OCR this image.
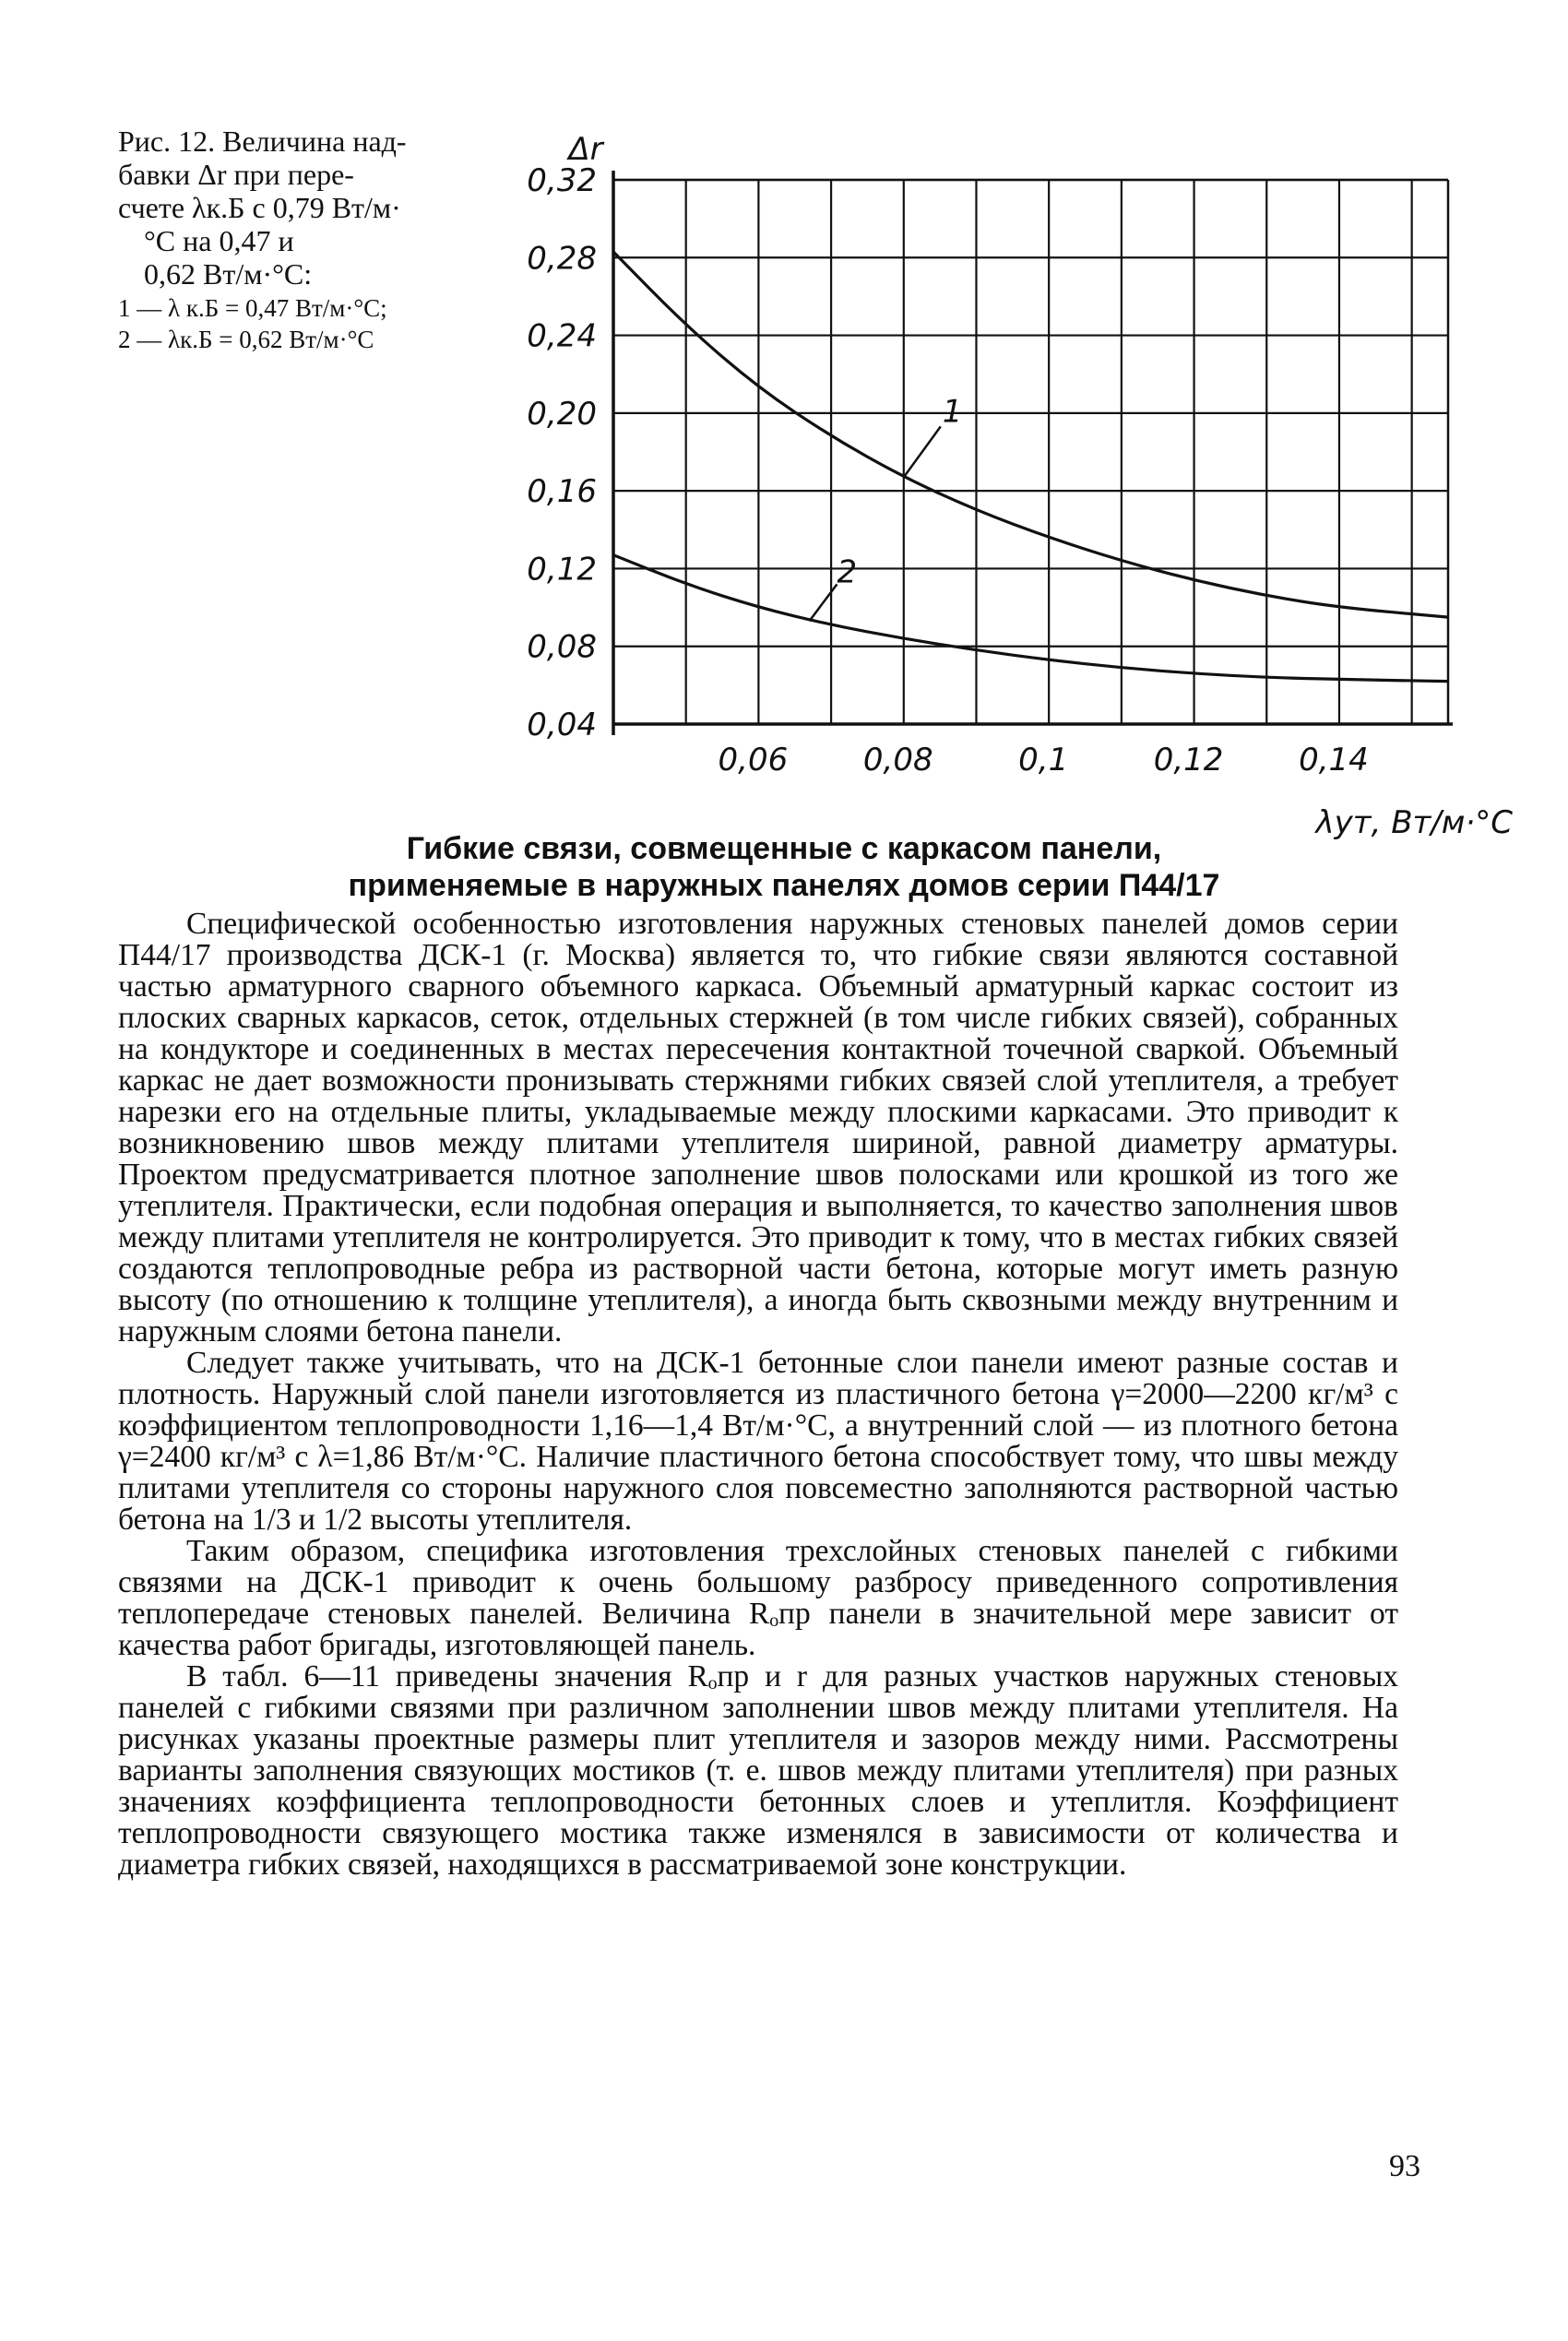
Рис. 12. Величина над-

бавки Δr при пере-

счете λк.Б с 0,79 Вт/м·

°С на 0,47 и

0,62 Вт/м·°С:

1 — λ к.Б = 0,47 Вт/м·°С;

2 — λк.Б = 0,62 Вт/м·°С

0,32
0,28
0,24
0,20
0,16
0,12
0,08
0,04
0,06 0,08	0,1	0,12 0,14
Δr
λут, Вт/м·°С
1
2
Гибкие связи, совмещенные с каркасом панели,
применяемые в наружных панелях домов серии П44/17

Специфической особенностью изготовления наружных стеновых панелей домов серии П44/17 производства ДСК-1 (г. Москва) является то, что гибкие связи являются составной частью арматурного сварного объемного каркаса. Объемный арматурный каркас состоит из плоских сварных каркасов, сеток, отдельных стержней (в том числе гибких связей), собранных на кондукторе и соединенных в местах пересечения контактной точечной сваркой. Объемный каркас не дает возможности пронизывать стержнями гибких связей слой утеплителя, а требует нарезки его на отдельные плиты, укладываемые между плоскими каркасами. Это приводит к возникновению швов между плитами утеплителя шириной, равной диаметру арматуры. Проектом предусматривается плотное заполнение швов полосками или крошкой из того же утеплителя. Практически, если подобная операция и выполняется, то качество заполнения швов между плитами утеплителя не контролируется. Это приводит к тому, что в местах гибких связей создаются теплопроводные ребра из растворной части бетона, которые могут иметь разную высоту (по отношению к толщине утеплителя), а иногда быть сквозными между внутренним и наружным слоями бетона панели.

Следует также учитывать, что на ДСК-1 бетонные слои панели имеют разные состав и плотность. Наружный слой панели изготовляется из пластичного бетона γ=2000—2200 кг/м³ с коэффициентом теплопроводности 1,16—1,4 Вт/м·°С, а внутренний слой — из плотного бетона γ=2400 кг/м³ с λ=1,86 Вт/м·°С. Наличие пластичного бетона способствует тому, что швы между плитами утеплителя со стороны наружного слоя повсеместно заполняются растворной частью бетона на 1/3 и 1/2 высоты утеплителя.

Таким образом, специфика изготовления трехслойных стеновых панелей с гибкими связями на ДСК-1 приводит к очень большому разбросу приведенного сопротивления теплопередаче стеновых панелей. Величина Rₒпр панели в значительной мере зависит от качества работ бригады, изготовляющей панель.

В табл. 6—11 приведены значения Rₒпр и r для разных участков наружных стеновых панелей с гибкими связями при различном заполнении швов между плитами утеплителя. На рисунках указаны проектные размеры плит утеплителя и зазоров между ними. Рассмотрены варианты заполнения связующих мостиков (т. е. швов между плитами утеплителя) при разных значениях коэффициента теплопроводности бетонных слоев и утеплитля. Коэффициент теплопроводности связующего мостика также изменялся в зависимости от количества и диаметра гибких связей, находящихся в рассматриваемой зоне конструкции.

93
